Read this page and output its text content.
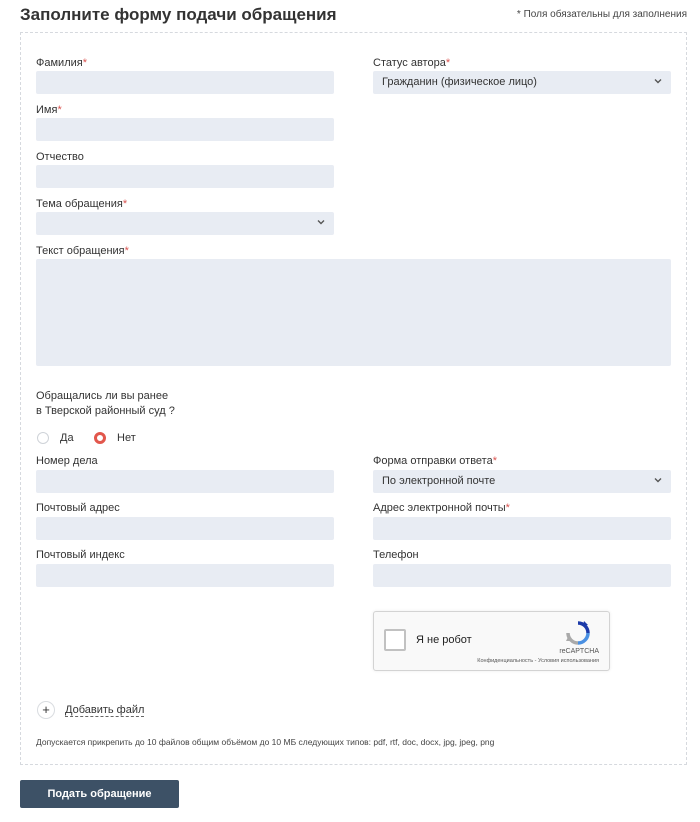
Заполните форму подачи обращения	* Поля обязательны для заполнения
Фамилия*
Имя*
Отчество
Тема обращения*
Текст обращения*
Статус автора*
Гражданин (физическое лицо)
Обращались ли вы ранее
в Тверской районный суд ?
Да	Нет
Номер дела	Форма отправки ответа*
По электронной почте
Почтовый адрес	Адрес электронной почты*
Почтовый индекс	Телефон
Я не робот
reCAPTCHA
Конфиденциальность - Условия использования
+	Добавить файл
Допускается прикрепить до 10 файлов общим объёмом до 10 МБ следующих типов: pdf, rtf, doc, docx, jpg, jpeg, png
Подать обращение
